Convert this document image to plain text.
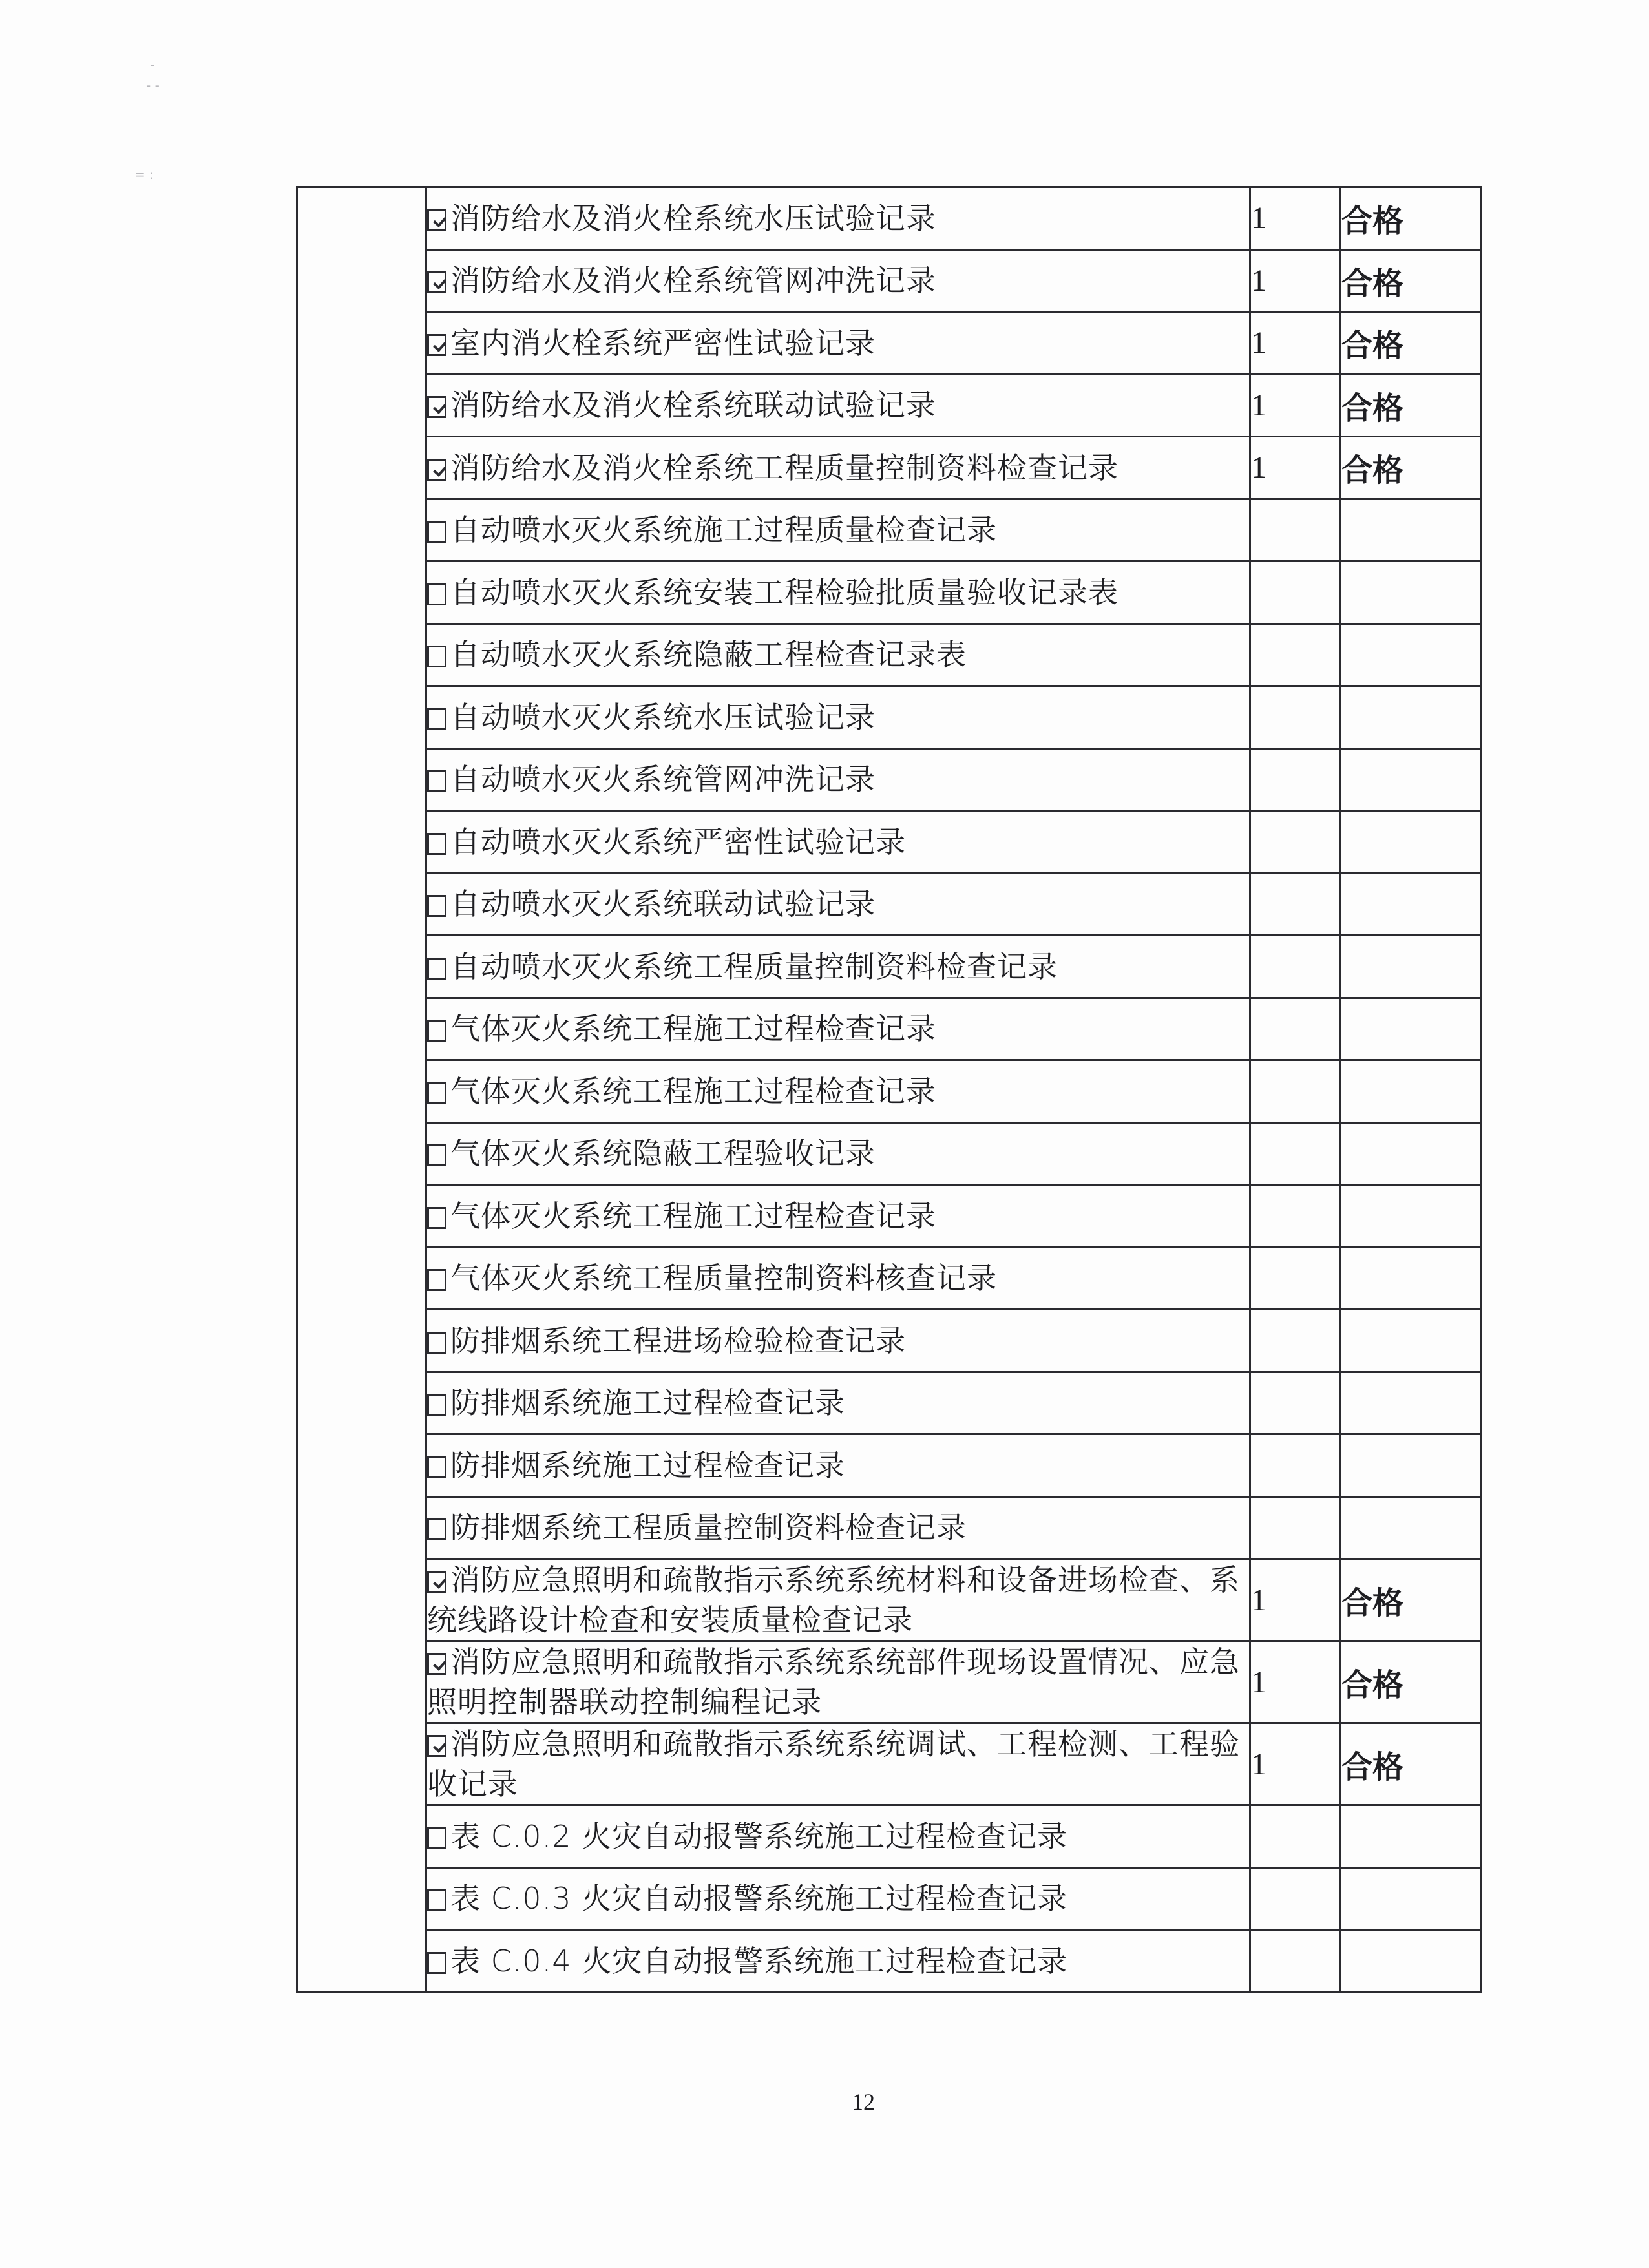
-
- -
= :
	消防给水及消火栓系统水压试验记录	1	合格
	消防给水及消火栓系统管网冲洗记录	1	合格
	室内消火栓系统严密性试验记录	1	合格
	消防给水及消火栓系统联动试验记录	1	合格
	消防给水及消火栓系统工程质量控制资料检查记录	1	合格
	自动喷水灭火系统施工过程质量检查记录		
	自动喷水灭火系统安装工程检验批质量验收记录表		
	自动喷水灭火系统隐蔽工程检查记录表		
	自动喷水灭火系统水压试验记录		
	自动喷水灭火系统管网冲洗记录		
	自动喷水灭火系统严密性试验记录		
	自动喷水灭火系统联动试验记录		
	自动喷水灭火系统工程质量控制资料检查记录		
	气体灭火系统工程施工过程检查记录		
	气体灭火系统工程施工过程检查记录		
	气体灭火系统隐蔽工程验收记录		
	气体灭火系统工程施工过程检查记录		
	气体灭火系统工程质量控制资料核查记录		
	防排烟系统工程进场检验检查记录		
	防排烟系统施工过程检查记录		
	防排烟系统施工过程检查记录		
	防排烟系统工程质量控制资料检查记录		
	消防应急照明和疏散指示系统系统材料和设备进场检查、系统线路设计检查和安装质量检查记录	1	合格
	消防应急照明和疏散指示系统系统部件现场设置情况、应急照明控制器联动控制编程记录	1	合格
	消防应急照明和疏散指示系统系统调试、工程检测、工程验收记录	1	合格
	表 C.0.2 火灾自动报警系统施工过程检查记录		
	表 C.0.3 火灾自动报警系统施工过程检查记录		
	表 C.0.4 火灾自动报警系统施工过程检查记录		
12
